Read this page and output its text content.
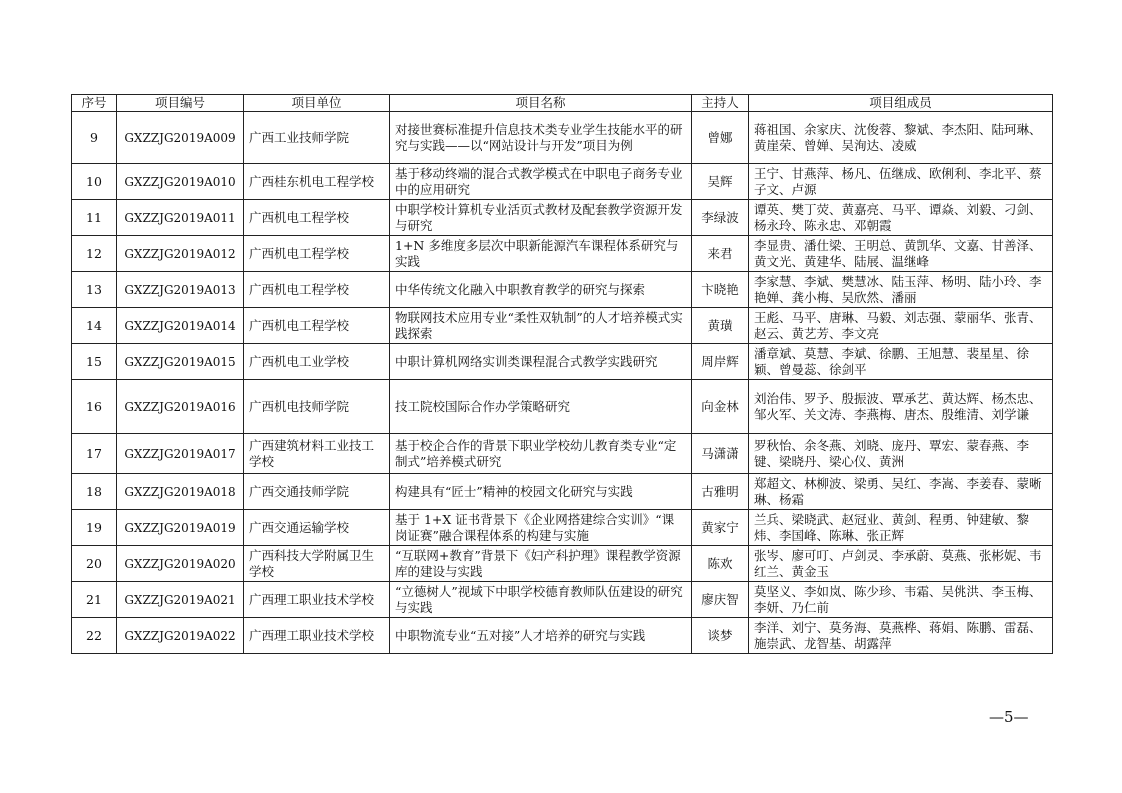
序号	项目编号	项目单位	项目名称	主持人	项目组成员
9	GXZZJG2019A009	广西工业技师学院	对接世赛标准提升信息技术类专业学生技能水平的研究与实践——以“网站设计与开发”项目为例	曾娜	蒋祖国、余家庆、沈俊蓉、黎斌、李杰阳、陆珂琳、黄崖荣、曾婵、吴洵达、凌威
10	GXZZJG2019A010	广西桂东机电工程学校	基于移动终端的混合式教学模式在中职电子商务专业中的应用研究	吴辉	王宁、甘燕萍、杨凡、伍继成、欧俐利、李北平、蔡子文、卢源
11	GXZZJG2019A011	广西机电工程学校	中职学校计算机专业活页式教材及配套教学资源开发与研究	李绿波	谭英、樊丁荧、黄嘉亮、马平、谭焱、刘毅、刁剑、杨永玲、陈永忠、邓朝霞
12	GXZZJG2019A012	广西机电工程学校	1+N 多维度多层次中职新能源汽车课程体系研究与实践	来君	李显贵、潘仕梁、王明总、黄凯华、文嘉、甘善泽、黄文光、黄建华、陆展、温继峰
13	GXZZJG2019A013	广西机电工程学校	中华传统文化融入中职教育教学的研究与探索	卞晓艳	李家慧、李斌、樊慧冰、陆玉萍、杨明、陆小玲、李艳婵、龚小梅、吴欣然、潘丽
14	GXZZJG2019A014	广西机电工程学校	物联网技术应用专业“柔性双轨制”的人才培养模式实践探索	黄璜	王彪、马平、唐琳、马毅、刘志强、蒙丽华、张青、赵云、黄艺芳、李文亮
15	GXZZJG2019A015	广西机电工业学校	中职计算机网络实训类课程混合式教学实践研究	周岸辉	潘章斌、莫慧、李斌、徐鹏、王旭慧、裴星星、徐颖、曾曼蕊、徐剑平
16	GXZZJG2019A016	广西机电技师学院	技工院校国际合作办学策略研究	向金林	刘治伟、罗予、殷振波、覃承艺、黄达辉、杨杰忠、邹火军、关文涛、李燕梅、唐杰、殷维清、刘学谦
17	GXZZJG2019A017	广西建筑材料工业技工学校	基于校企合作的背景下职业学校幼儿教育类专业“定制式”培养模式研究	马潇潇	罗秋怡、余冬燕、刘晓、庞丹、覃宏、蒙春燕、李键、梁晓丹、梁心仪、黄洲
18	GXZZJG2019A018	广西交通技师学院	构建具有“匠士”精神的校园文化研究与实践	古雅明	郑超文、林柳波、梁勇、吴红、李嵩、李姜春、蒙晰琳、杨霜
19	GXZZJG2019A019	广西交通运输学校	基于 1+X 证书背景下《企业网搭建综合实训》“课岗证赛”融合课程体系的构建与实施	黄家宁	兰兵、梁晓武、赵冠业、黄剑、程勇、钟建敏、黎炜、李国峰、陈琳、张正辉
20	GXZZJG2019A020	广西科技大学附属卫生学校	“互联网+教育”背景下《妇产科护理》课程教学资源库的建设与实践	陈欢	张岑、廖可叮、卢剑灵、李承蔚、莫燕、张彬妮、韦红兰、黄金玉
21	GXZZJG2019A021	广西理工职业技术学校	“立德树人”视域下中职学校德育教师队伍建设的研究与实践	廖庆智	莫坚义、李如岚、陈少珍、韦霜、吴佻洪、李玉梅、李妍、乃仁前
22	GXZZJG2019A022	广西理工职业技术学校	中职物流专业“五对接”人才培养的研究与实践	谈梦	李洋、刘宁、莫务海、莫燕桦、蒋娟、陈鹏、雷磊、施崇武、龙智基、胡露萍
—5—
